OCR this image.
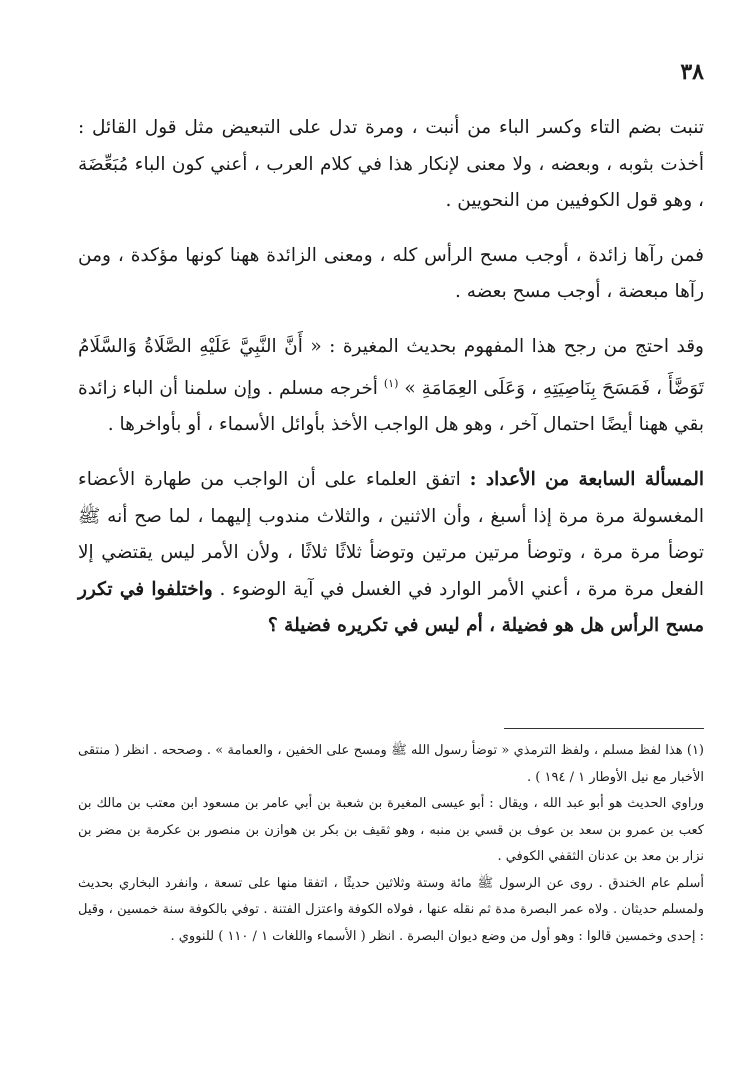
٣٨

تنبت بضم التاء وكسر الباء من أنبت ، ومرة تدل على التبعيض مثل قول القائل : أخذت بثوبه ، وبعضه ، ولا معنى لإنكار هذا في كلام العرب ، أعني كون الباء مُبَعِّضَة ، وهو قول الكوفيين من النحويين .

فمن رآها زائدة ، أوجب مسح الرأس كله ، ومعنى الزائدة ههنا كونها مؤكدة ، ومن رآها مبعضة ، أوجب مسح بعضه .

وقد احتج من رجح هذا المفهوم بحديث المغيرة : « أَنَّ النَّبِيَّ عَلَيْهِ الصَّلَاةُ وَالسَّلَامُ تَوَضَّأَ ، فَمَسَحَ بِنَاصِيَتِهِ ، وَعَلَى العِمَامَةِ » $^{(١)}$ أخرجه مسلم . وإن سلمنا أن الباء زائدة بقي ههنا أيضًا احتمال آخر ، وهو هل الواجب الأخذ بأوائل الأسماء ، أو بأواخرها .

المسألة السابعة من الأعداد : اتفق العلماء على أن الواجب من طهارة الأعضاء المغسولة مرة مرة إذا أسبغ ، وأن الاثنين ، والثلاث مندوب إليهما ، لما صح أنه ﷺ توضأ مرة مرة ، وتوضأ مرتين مرتين وتوضأ ثلاثًا ثلاثًا ، ولأن الأمر ليس يقتضي إلا الفعل مرة مرة ، أعني الأمر الوارد في الغسل في آية الوضوء . واختلفوا في تكرر مسح الرأس هل هو فضيلة ، أم ليس في تكريره فضيلة ؟

(١) هذا لفظ مسلم ، ولفظ الترمذي « توضأ رسول الله ﷺ ومسح على الخفين ، والعمامة » . وصححه . انظر ( منتقى الأخبار مع نيل الأوطار ١ / ١٩٤ ) .

وراوي الحديث هو أبو عبد الله ، ويقال : أبو عيسى المغيرة بن شعبة بن أبي عامر بن مسعود ابن معتب بن مالك بن كعب بن عمرو بن سعد بن عوف بن قسي بن منبه ، وهو ثقيف بن بكر بن هوازن بن منصور بن عكرمة بن مضر بن نزار بن معد بن عدنان الثقفي الكوفي .

أسلم عام الخندق . روى عن الرسول ﷺ مائة وستة وثلاثين حديثًا ، اتفقا منها على تسعة ، وانفرد البخاري بحديث ولمسلم حديثان . ولاه عمر البصرة مدة ثم نقله عنها ، فولاه الكوفة واعتزل الفتنة . توفي بالكوفة سنة خمسين ، وقيل : إحدى وخمسين قالوا : وهو أول من وضع ديوان البصرة . انظر ( الأسماء واللغات ١ / ١١٠ ) للنووي .
